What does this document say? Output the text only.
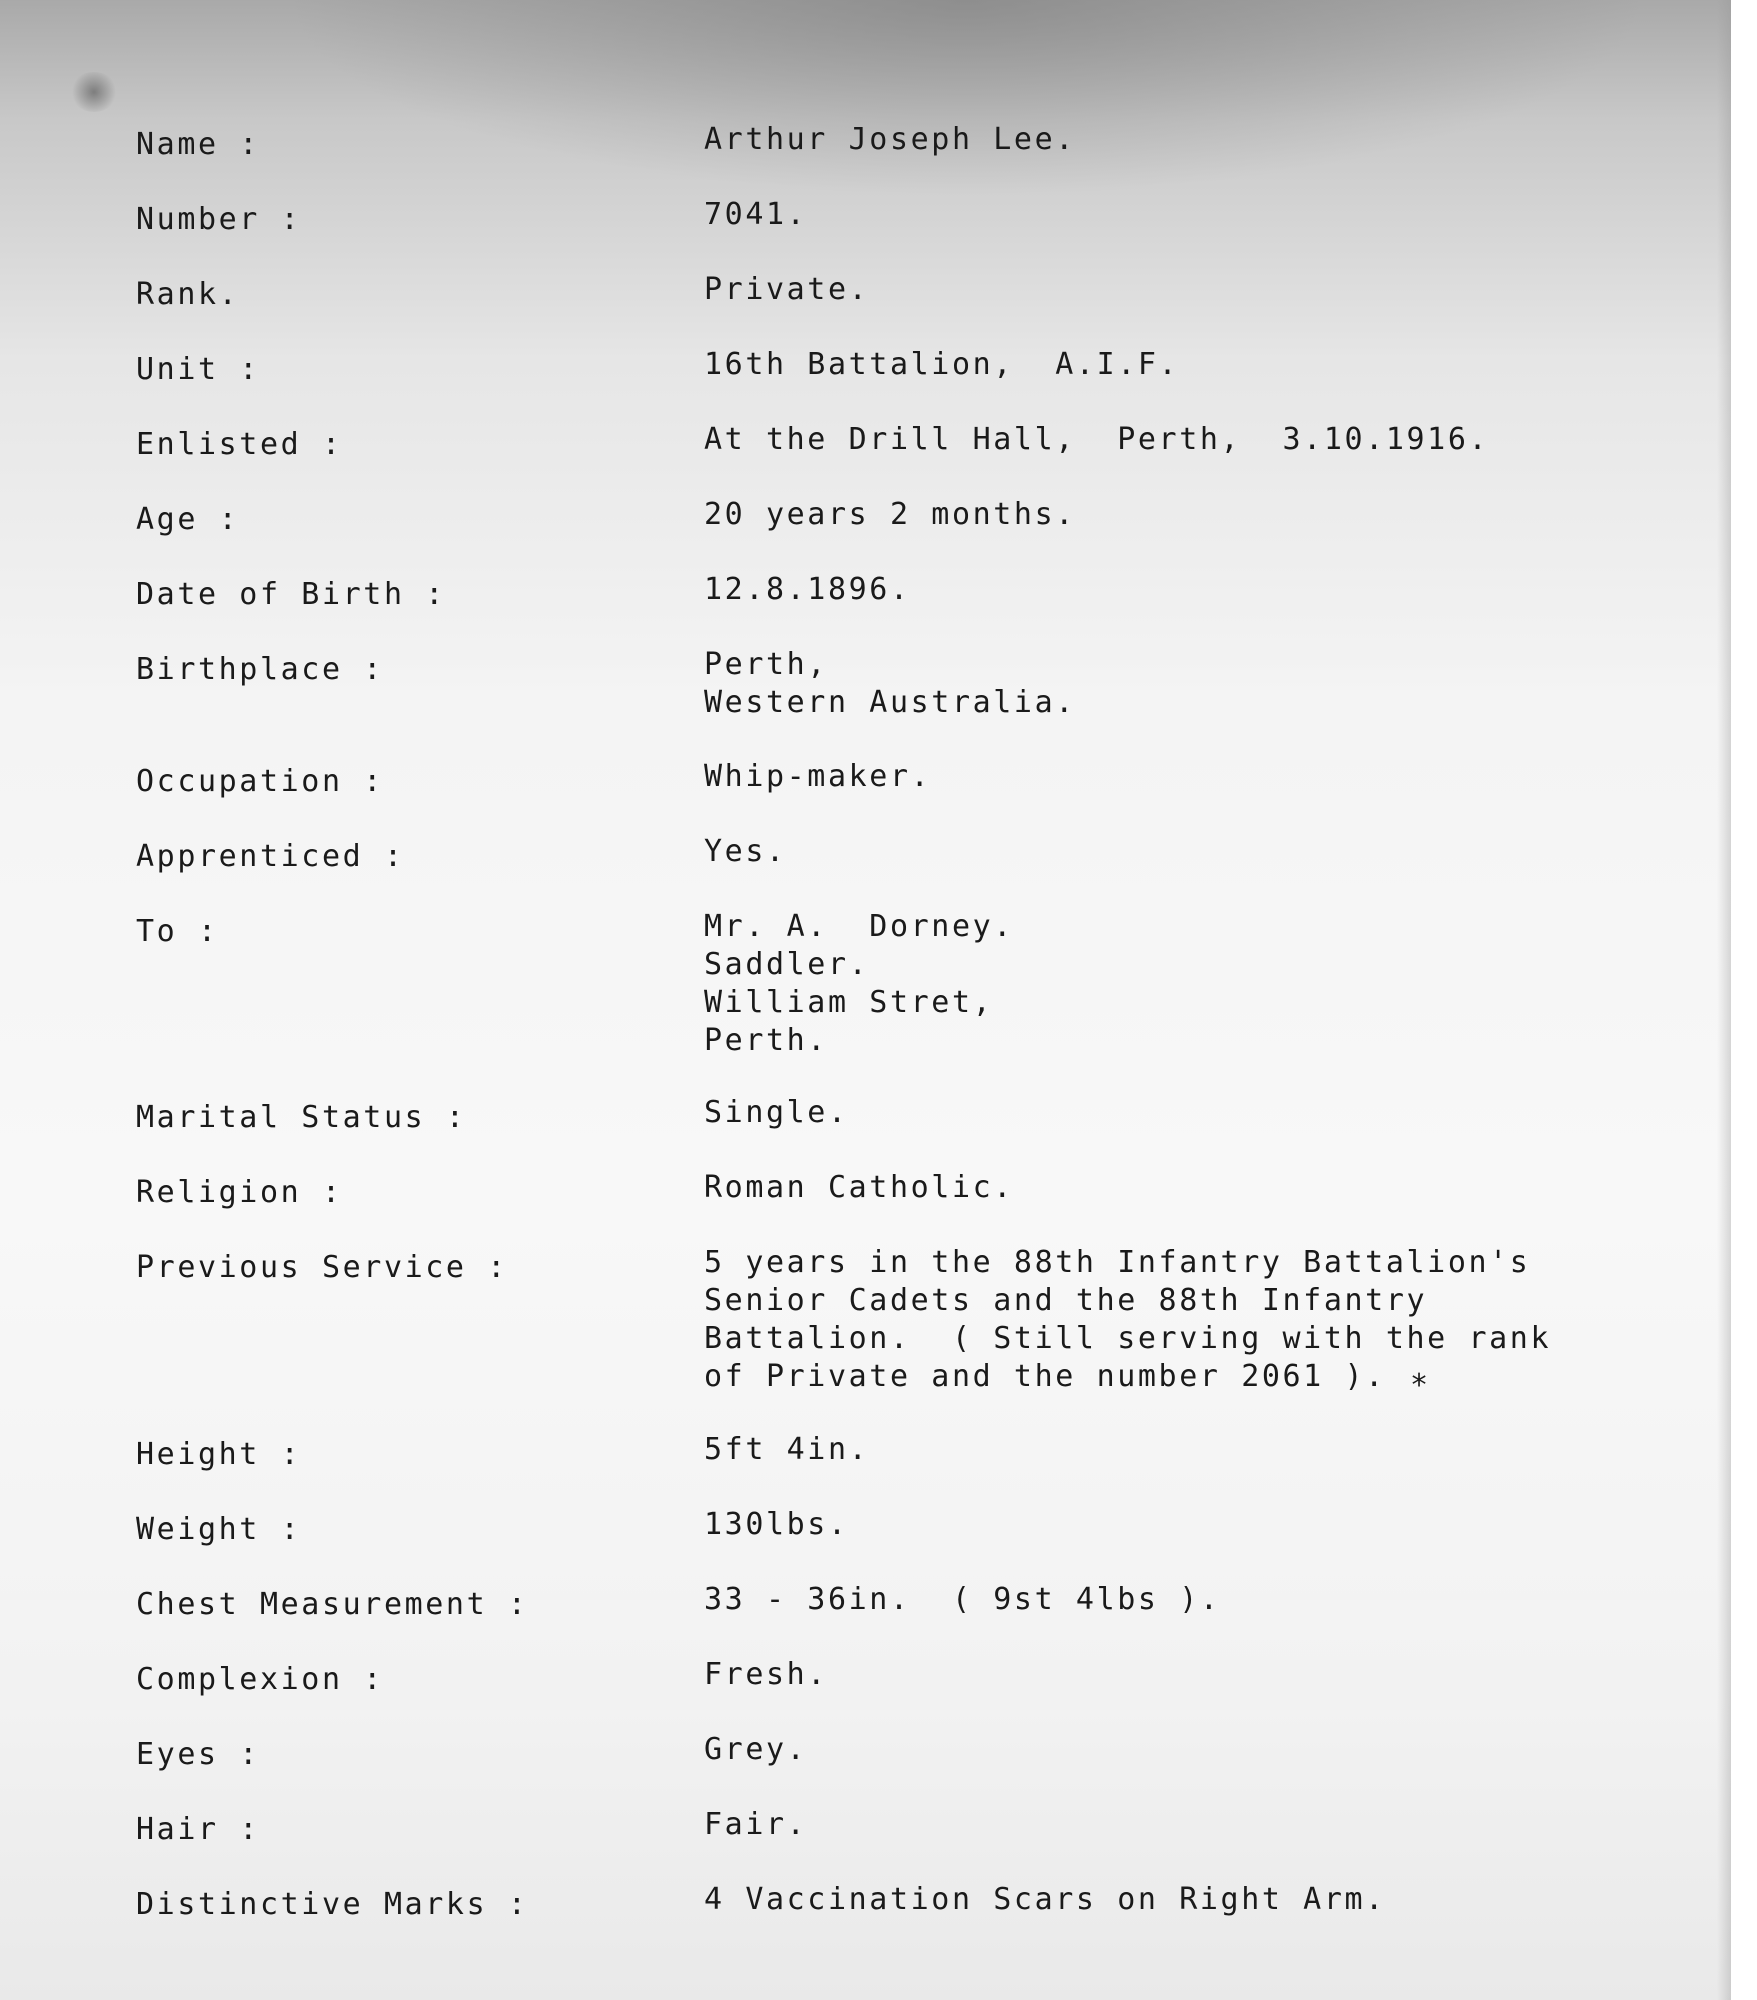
Name :	Arthur Joseph Lee.
Number :	7041.
Rank.	Private.
Unit :	16th Battalion,  A.I.F.
Enlisted :	At the Drill Hall,  Perth,  3.10.1916.
Age :	20 years 2 months.
Date of Birth :	12.8.1896.
Birthplace :	Perth,
Western Australia.
Occupation :	Whip-maker.
Apprenticed :	Yes.
To :	Mr. A.  Dorney.
Saddler.
William Stret,
Perth.
Marital Status :	Single.
Religion :	Roman Catholic.
Previous Service :	5 years in the 88th Infantry Battalion's
Senior Cadets and the 88th Infantry
Battalion.  ( Still serving with the rank
of Private and the number 2061 ).
Height :	5ft 4in.
Weight :	130lbs.
Chest Measurement :	33 - 36in.  ( 9st 4lbs ).
Complexion :	Fresh.
Eyes :	Grey.
Hair :	Fair.
Distinctive Marks :	4 Vaccination Scars on Right Arm.
*
